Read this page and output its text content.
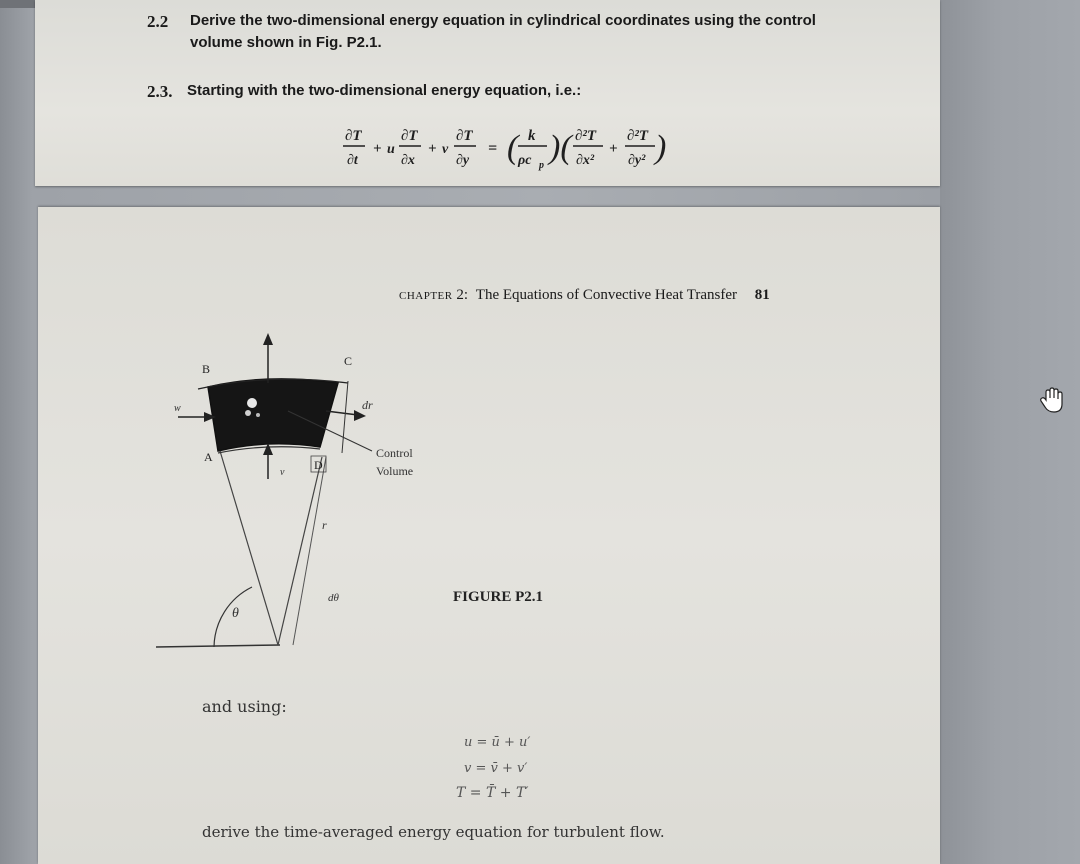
2.2 Derive the two-dimensional energy equation in cylindrical coordinates using the control
volume shown in Fig. P2.1.
2.3. Starting with the two-dimensional energy equation, i.e.:
∂T
∂t
+ u
∂T
∂x
+ v
∂T
∂y
= ( k
ρc p )( ∂²T
∂x²
+
∂²T
∂y² )
CHAPTER 2: The Equations of Convective Heat Transfer 81
θ
dr
B
C
A
D
w
v
r
dθ
Control
Volume
FIGURE P2.1
and using:
u = ū + u′
v = v̄ + v′
T = T̄ + T′
derive the time-averaged energy equation for turbulent flow.
